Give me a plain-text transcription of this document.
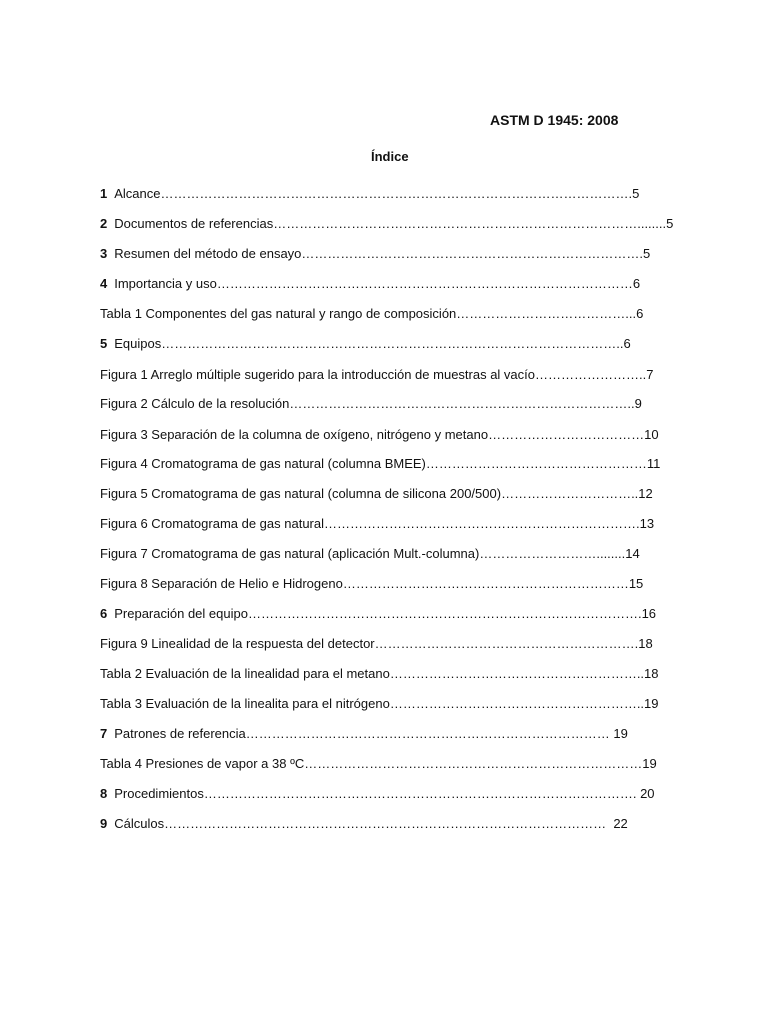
ASTM D 1945: 2008
Índice
1 Alcance……………………………………………………………………………………………….5
2 Documentos de referencias…………………………………………………………………………........5
3 Resumen del método de ensayo…………………………………………………………………….5
4 Importancia y uso……………………………………………………………………………………6
Tabla 1 Componentes del gas natural y rango de composición…………………………………...6
5 Equipos……………………………………………………………………………………………..6
Figura 1 Arreglo múltiple sugerido para la introducción de muestras al vacío……………………..7
Figura 2 Cálculo de la resolución……………………………………………………………………..9
Figura 3 Separación de la columna de oxígeno, nitrógeno y metano………………………………10
Figura 4 Cromatograma de gas natural (columna BMEE)……………………………………………11
Figura 5 Cromatograma de gas natural (columna de silicona 200/500)…………………………..12
Figura 6 Cromatograma de gas natural……………………………………………………………….13
Figura 7 Cromatograma de gas natural (aplicación Mult.-columna)………………………........14
Figura 8 Separación de Helio e Hidrogeno…………………………………………………………15
6 Preparación del equipo……………………………………………………………………………….16
Figura 9 Linealidad de la respuesta del detector…………………………………………………….18
Tabla 2 Evaluación de la linealidad para el metano…………………………………………………..18
Tabla 3 Evaluación de la linealita para el nitrógeno…………………………………………………..19
7 Patrones de referencia………………………………………………………………………… 19
Tabla 4 Presiones de vapor a 38 ºC……………………………………………………………………19
8 Procedimientos………………………………………………………………………………………. 20
9 Cálculos…………………………………………………………………………………………  22
